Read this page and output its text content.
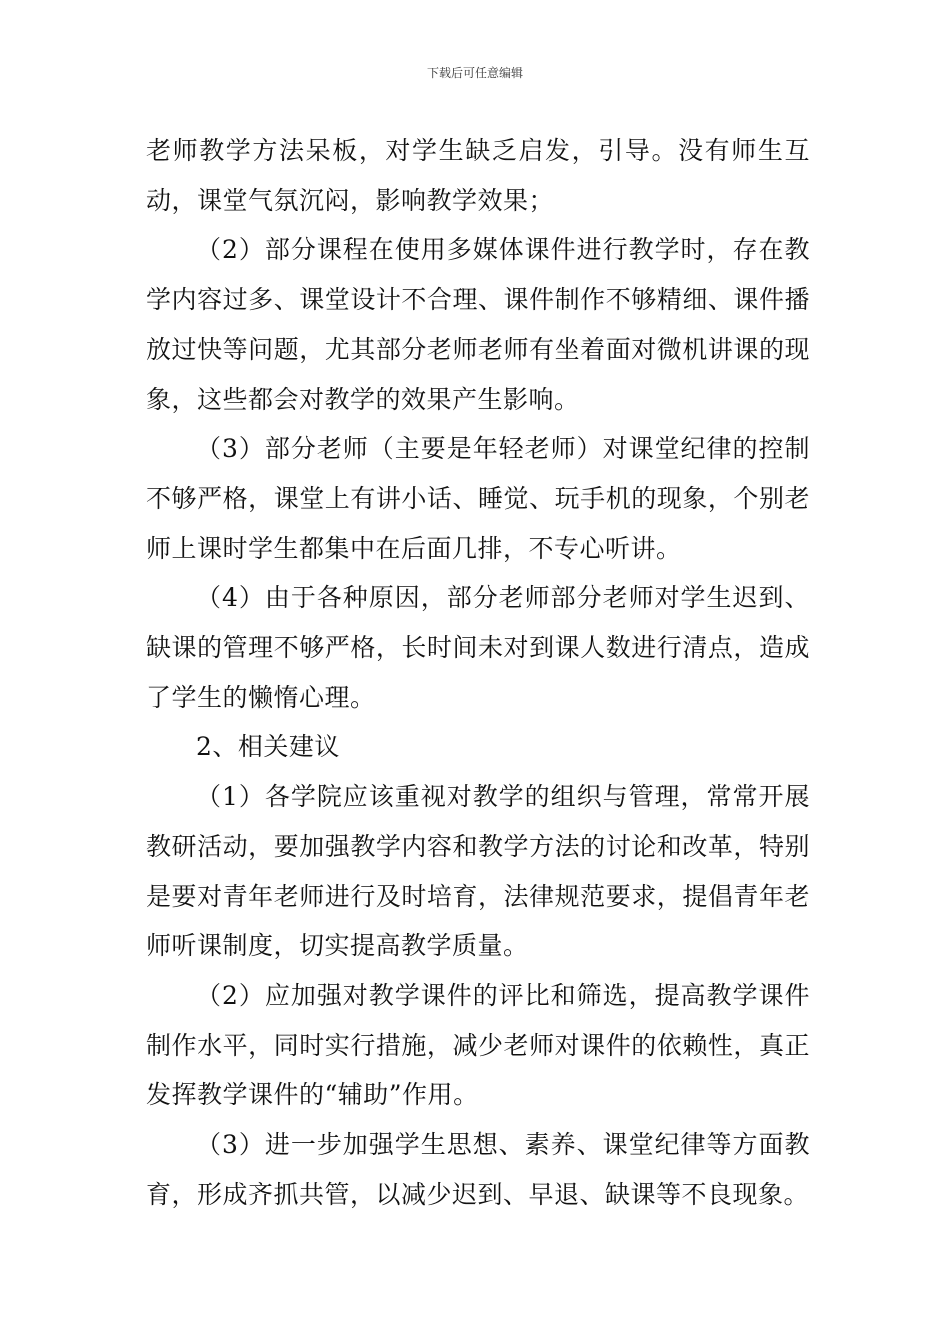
下载后可任意编辑

老师教学方法呆板，对学生缺乏启发，引导。没有师生互动，课堂气氛沉闷，影响教学效果；

（2）部分课程在使用多媒体课件进行教学时，存在教学内容过多、课堂设计不合理、课件制作不够精细、课件播放过快等问题，尤其部分老师老师有坐着面对微机讲课的现象，这些都会对教学的效果产生影响。

（3）部分老师（主要是年轻老师）对课堂纪律的控制不够严格，课堂上有讲小话、睡觉、玩手机的现象，个别老师上课时学生都集中在后面几排，不专心听讲。

（4）由于各种原因，部分老师部分老师对学生迟到、缺课的管理不够严格，长时间未对到课人数进行清点，造成了学生的懒惰心理。

2、相关建议

（1）各学院应该重视对教学的组织与管理，常常开展教研活动，要加强教学内容和教学方法的讨论和改革，特别是要对青年老师进行及时培育，法律规范要求，提倡青年老师听课制度，切实提高教学质量。

（2）应加强对教学课件的评比和筛选，提高教学课件制作水平，同时实行措施，减少老师对课件的依赖性，真正发挥教学课件的“辅助”作用。

（3）进一步加强学生思想、素养、课堂纪律等方面教育，形成齐抓共管，以减少迟到、早退、缺课等不良现象。
